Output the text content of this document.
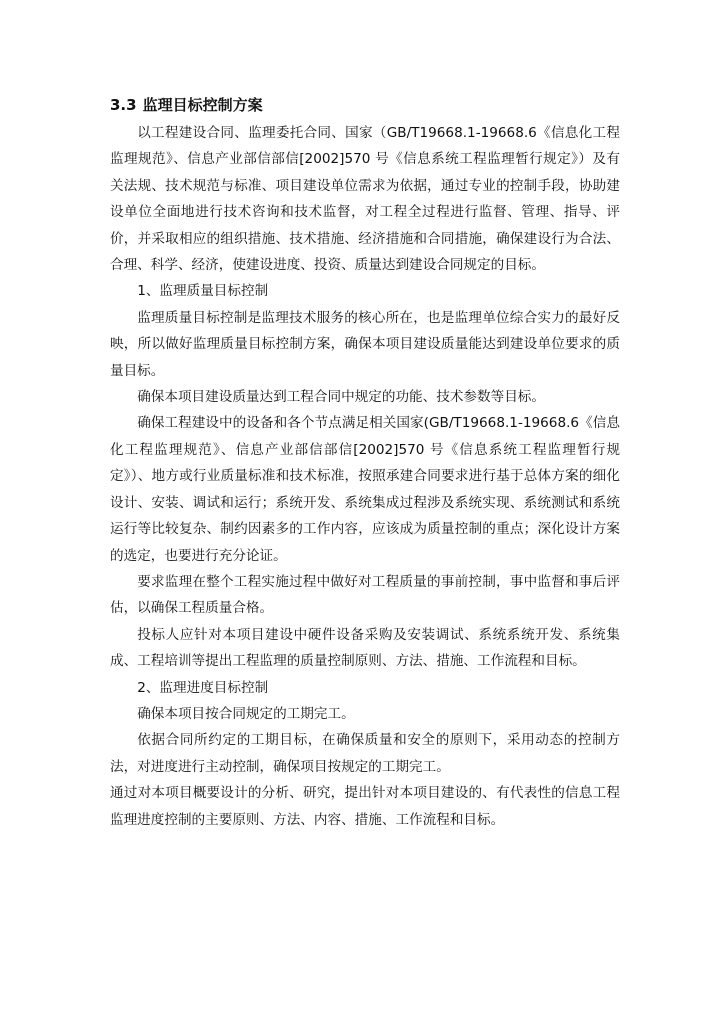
3.3 监理目标控制方案

以工程建设合同、监理委托合同、国家（GB/T19668.1-19668.6《信息化工程监理规范》、信息产业部信部信[2002]570 号《信息系统工程监理暂行规定》）及有关法规、技术规范与标准、项目建设单位需求为依据，通过专业的控制手段，协助建设单位全面地进行技术咨询和技术监督，对工程全过程进行监督、管理、指导、评价，并采取相应的组织措施、技术措施、经济措施和合同措施，确保建设行为合法、合理、科学、经济，使建设进度、投资、质量达到建设合同规定的目标。

1、监理质量目标控制

监理质量目标控制是监理技术服务的核心所在，也是监理单位综合实力的最好反映，所以做好监理质量目标控制方案，确保本项目建设质量能达到建设单位要求的质量目标。

确保本项目建设质量达到工程合同中规定的功能、技术参数等目标。

确保工程建设中的设备和各个节点满足相关国家(GB/T19668.1-19668.6《信息化工程监理规范》、信息产业部信部信[2002]570 号《信息系统工程监理暂行规定》）、地方或行业质量标准和技术标准，按照承建合同要求进行基于总体方案的细化设计、安装、调试和运行；系统开发、系统集成过程涉及系统实现、系统测试和系统运行等比较复杂、制约因素多的工作内容，应该成为质量控制的重点；深化设计方案的选定，也要进行充分论证。

要求监理在整个工程实施过程中做好对工程质量的事前控制，事中监督和事后评估，以确保工程质量合格。

投标人应针对本项目建设中硬件设备采购及安装调试、系统系统开发、系统集成、工程培训等提出工程监理的质量控制原则、方法、措施、工作流程和目标。

2、监理进度目标控制

确保本项目按合同规定的工期完工。

依据合同所约定的工期目标，在确保质量和安全的原则下，采用动态的控制方法，对进度进行主动控制，确保项目按规定的工期完工。

通过对本项目概要设计的分析、研究，提出针对本项目建设的、有代表性的信息工程监理进度控制的主要原则、方法、内容、措施、工作流程和目标。
